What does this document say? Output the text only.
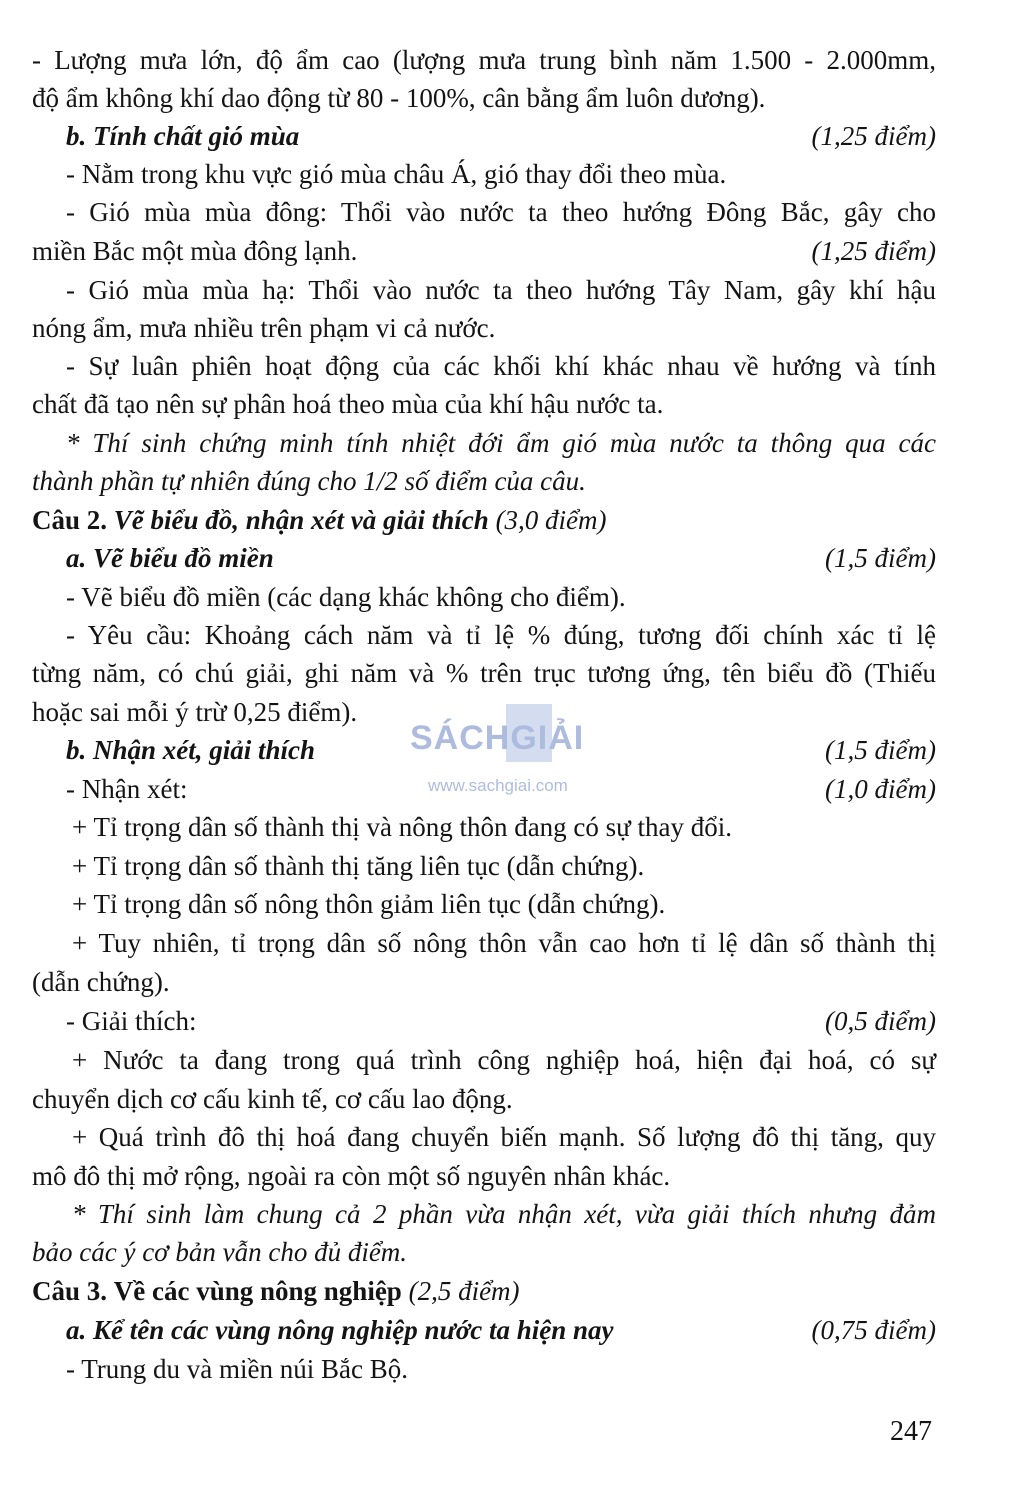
- Lượng mưa lớn, độ ẩm cao (lượng mưa trung bình năm 1.500 - 2.000mm,
độ ẩm không khí dao động từ 80 - 100%, cân bằng ẩm luôn dương).
b. Tính chất gió mùa	(1,25 điểm)
- Nằm trong khu vực gió mùa châu Á, gió thay đổi theo mùa.
- Gió mùa mùa đông: Thổi vào nước ta theo hướng Đông Bắc, gây cho
miền Bắc một mùa đông lạnh.	(1,25 điểm)
- Gió mùa mùa hạ: Thổi vào nước ta theo hướng Tây Nam, gây khí hậu
nóng ẩm, mưa nhiều trên phạm vi cả nước.
- Sự luân phiên hoạt động của các khối khí khác nhau về hướng và tính
chất đã tạo nên sự phân hoá theo mùa của khí hậu nước ta.
* Thí sinh chứng minh tính nhiệt đới ẩm gió mùa nước ta thông qua các
thành phần tự nhiên đúng cho 1/2 số điểm của câu.
Câu 2. Vẽ biểu đồ, nhận xét và giải thích (3,0 điểm)
a. Vẽ biểu đồ miền	(1,5 điểm)
- Vẽ biểu đồ miền (các dạng khác không cho điểm).
- Yêu cầu: Khoảng cách năm và tỉ lệ % đúng, tương đối chính xác tỉ lệ
từng năm, có chú giải, ghi năm và % trên trục tương ứng, tên biểu đồ (Thiếu
hoặc sai mỗi ý trừ 0,25 điểm).
b. Nhận xét, giải thích	(1,5 điểm)
- Nhận xét:	(1,0 điểm)
+ Tỉ trọng dân số thành thị và nông thôn đang có sự thay đổi.
+ Tỉ trọng dân số thành thị tăng liên tục (dẫn chứng).
+ Tỉ trọng dân số nông thôn giảm liên tục (dẫn chứng).
+ Tuy nhiên, tỉ trọng dân số nông thôn vẫn cao hơn tỉ lệ dân số thành thị
(dẫn chứng).
- Giải thích:	(0,5 điểm)
+ Nước ta đang trong quá trình công nghiệp hoá, hiện đại hoá, có sự
chuyển dịch cơ cấu kinh tế, cơ cấu lao động.
+ Quá trình đô thị hoá đang chuyển biến mạnh. Số lượng đô thị tăng, quy
mô đô thị mở rộng, ngoài ra còn một số nguyên nhân khác.
* Thí sinh làm chung cả 2 phần vừa nhận xét, vừa giải thích nhưng đảm
bảo các ý cơ bản vẫn cho đủ điểm.
Câu 3. Về các vùng nông nghiệp (2,5 điểm)
a. Kể tên các vùng nông nghiệp nước ta hiện nay	(0,75 điểm)
- Trung du và miền núi Bắc Bộ.
247
SÁCHGIẢI
www.sachgiai.com
